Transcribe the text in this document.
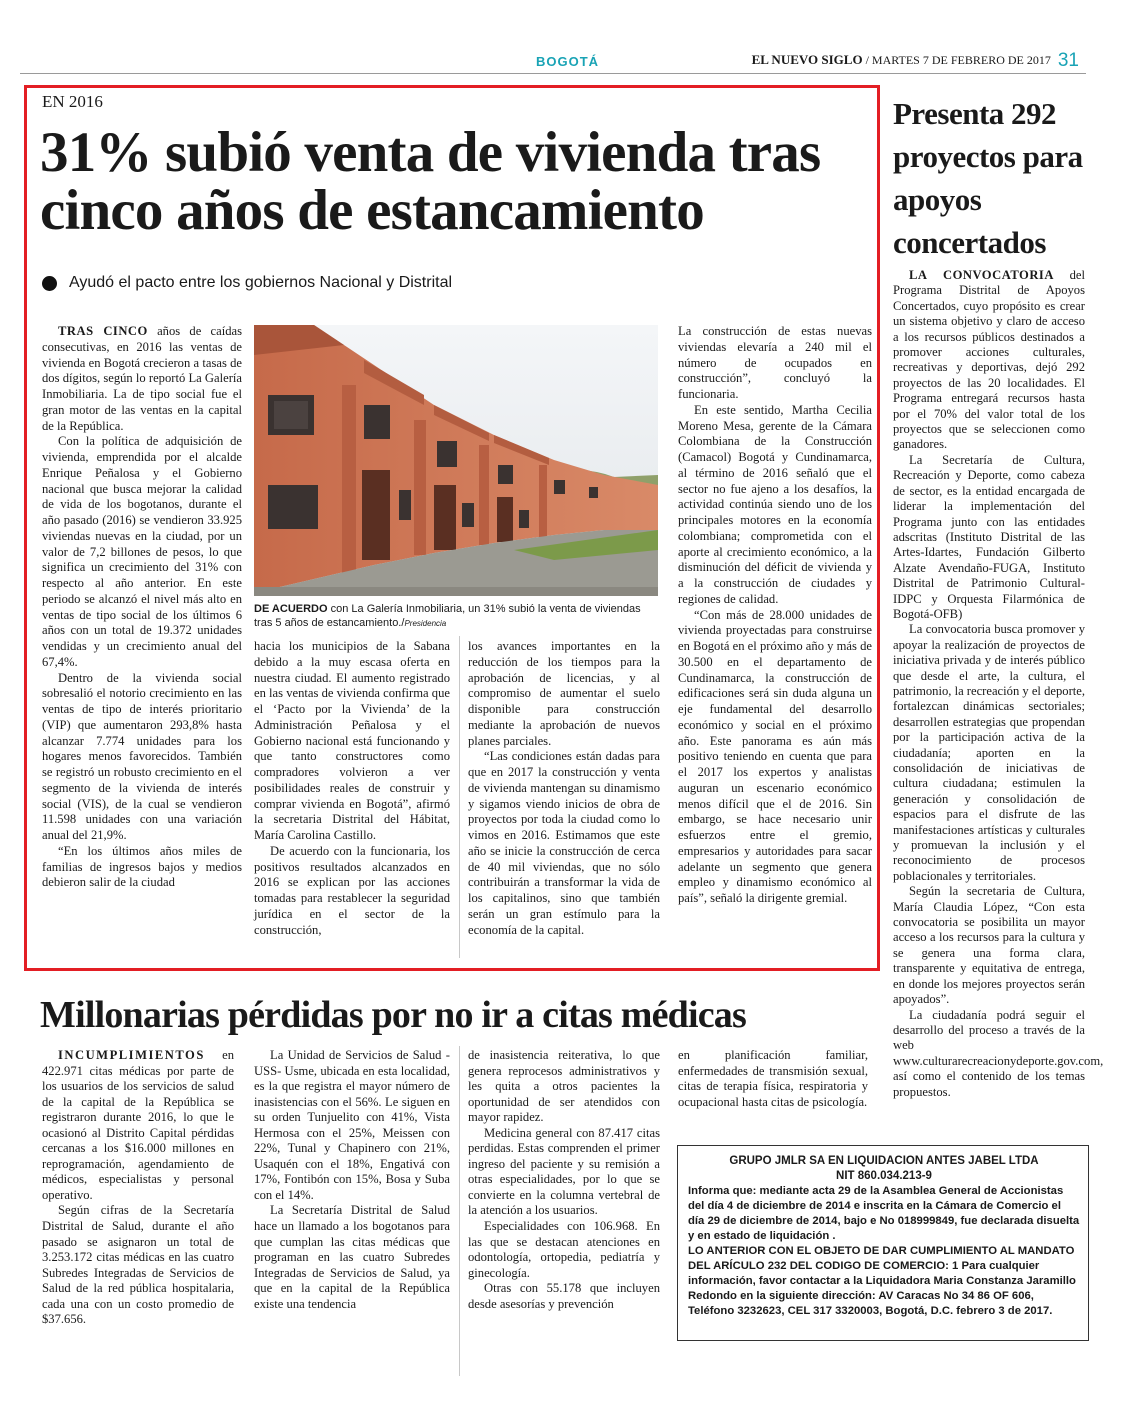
BOGOTÁ	EL NUEVO SIGLO / MARTES 7 DE FEBRERO DE 2017 31
EN 2016
31% subió venta de vivienda tras
cinco años de estancamiento
Ayudó el pacto entre los gobiernos Nacional y Distrital

TRAS CINCO años de caídas consecutivas, en 2016 las ventas de vivienda en Bogotá crecieron a tasas de dos dígitos, según lo reportó La Galería Inmobiliaria. La de tipo social fue el gran motor de las ventas en la capital de la República.

Con la política de adquisición de vivienda, emprendida por el alcalde Enrique Peñalosa y el Gobierno nacional que busca mejorar la calidad de vida de los bogotanos, durante el año pasado (2016) se vendieron 33.925 viviendas nuevas en la ciudad, por un valor de 7,2 billones de pesos, lo que significa un crecimiento del 31% con respecto al año anterior. En este periodo se alcanzó el nivel más alto en ventas de tipo social de los últimos 6 años con un total de 19.372 unidades vendidas y un crecimiento anual del 67,4%.

Dentro de la vivienda social sobresalió el notorio crecimiento en las ventas de tipo de interés prioritario (VIP) que aumentaron 293,8% hasta alcanzar 7.774 unidades para los hogares menos favorecidos. También se registró un robusto crecimiento en el segmento de la vivienda de interés social (VIS), de la cual se vendieron 11.598 unidades con una variación anual del 21,9%.

“En los últimos años miles de familias de ingresos bajos y medios debieron salir de la ciudad

DE ACUERDO con La Galería Inmobiliaria, un 31% subió la venta de viviendas tras 5 años de estancamiento./Presidencia

hacia los municipios de la Sabana debido a la muy escasa oferta en nuestra ciudad. El aumento registrado en las ventas de vivienda confirma que el ‘Pacto por la Vivienda’ de la Administración Peñalosa y el Gobierno nacional está funcionando y que tanto constructores como compradores volvieron a ver posibilidades reales de construir y comprar vivienda en Bogotá”, afirmó la secretaria Distrital del Hábitat, María Carolina Castillo.

De acuerdo con la funcionaria, los positivos resultados alcanzados en 2016 se explican por las acciones tomadas para restablecer la seguridad jurídica en el sector de la construcción,

los avances importantes en la reducción de los tiempos para la aprobación de licencias, y al compromiso de aumentar el suelo disponible para construcción mediante la aprobación de nuevos planes parciales.

“Las condiciones están dadas para que en 2017 la construcción y venta de vivienda mantengan su dinamismo y sigamos viendo inicios de obra de proyectos por toda la ciudad como lo vimos en 2016. Estimamos que este año se inicie la construcción de cerca de 40 mil viviendas, que no sólo contribuirán a transformar la vida de los capitalinos, sino que también serán un gran estímulo para la economía de la capital.

La construcción de estas nuevas viviendas elevaría a 240 mil el número de ocupados en construcción”, concluyó la funcionaria.

En este sentido, Martha Cecilia Moreno Mesa, gerente de la Cámara Colombiana de la Construcción (Camacol) Bogotá y Cundinamarca, al término de 2016 señaló que el sector no fue ajeno a los desafíos, la actividad continúa siendo uno de los principales motores en la economía colombiana; comprometida con el aporte al crecimiento económico, a la disminución del déficit de vivienda y a la construcción de ciudades y regiones de calidad.

“Con más de 28.000 unidades de vivienda proyectadas para construirse en Bogotá en el próximo año y más de 30.500 en el departamento de Cundinamarca, la construcción de edificaciones será sin duda alguna un eje fundamental del desarrollo económico y social en el próximo año. Este panorama es aún más positivo teniendo en cuenta que para el 2017 los expertos y analistas auguran un escenario económico menos difícil que el de 2016. Sin embargo, se hace necesario unir esfuerzos entre el gremio, empresarios y autoridades para sacar adelante un segmento que genera empleo y dinamismo económico al país”, señaló la dirigente gremial.

Presenta 292 proyectos para apoyos concertados

LA CONVOCATORIA del Programa Distrital de Apoyos Concertados, cuyo propósito es crear un sistema objetivo y claro de acceso a los recursos públicos destinados a promover acciones culturales, recreativas y deportivas, dejó 292 proyectos de las 20 localidades. El Programa entregará recursos hasta por el 70% del valor total de los proyectos que se seleccionen como ganadores.

La Secretaría de Cultura, Recreación y Deporte, como cabeza de sector, es la entidad encargada de liderar la implementación del Programa junto con las entidades adscritas (Instituto Distrital de las Artes-Idartes, Fundación Gilberto Alzate Avendaño-FUGA, Instituto Distrital de Patrimonio Cultural-IDPC y Orquesta Filarmónica de Bogotá-OFB)

La convocatoria busca promover y apoyar la realización de proyectos de iniciativa privada y de interés público que desde el arte, la cultura, el patrimonio, la recreación y el deporte, fortalezcan dinámicas sectoriales; desarrollen estrategias que propendan por la participación activa de la ciudadanía; aporten en la consolidación de iniciativas de cultura ciudadana; estimulen la generación y consolidación de espacios para el disfrute de las manifestaciones artísticas y culturales y promuevan la inclusión y el reconocimiento de procesos poblacionales y territoriales.

Según la secretaria de Cultura, María Claudia López, “Con esta convocatoria se posibilita un mayor acceso a los recursos para la cultura y se genera una forma clara, transparente y equitativa de entrega, en donde los mejores proyectos serán apoyados”.

La ciudadanía podrá seguir el desarrollo del proceso a través de la web www.culturarecreacionydeporte.gov.com, así como el contenido de los temas propuestos.

Millonarias pérdidas por no ir a citas médicas

INCUMPLIMIENTOS en 422.971 citas médicas por parte de los usuarios de los servicios de salud de la capital de la República se registraron durante 2016, lo que le ocasionó al Distrito Capital pérdidas cercanas a los $16.000 millones en reprogramación, agendamiento de médicos, especialistas y personal operativo.

Según cifras de la Secretaría Distrital de Salud, durante el año pasado se asignaron un total de 3.253.172 citas médicas en las cuatro Subredes Integradas de Servicios de Salud de la red pública hospitalaria, cada una con un costo promedio de $37.656.

La Unidad de Servicios de Salud -USS- Usme, ubicada en esta localidad, es la que registra el mayor número de inasistencias con el 56%. Le siguen en su orden Tunjuelito con 41%, Vista Hermosa con el 25%, Meissen con 22%, Tunal y Chapinero con 21%, Usaquén con el 18%, Engativá con 17%, Fontibón con 15%, Bosa y Suba con el 14%.

La Secretaría Distrital de Salud hace un llamado a los bogotanos para que cumplan las citas médicas que programan en las cuatro Subredes Integradas de Servicios de Salud, ya que en la capital de la República existe una tendencia

de inasistencia reiterativa, lo que genera reprocesos administrativos y les quita a otros pacientes la oportunidad de ser atendidos con mayor rapidez.

Medicina general con 87.417 citas perdidas. Estas comprenden el primer ingreso del paciente y su remisión a otras especialidades, por lo que se convierte en la columna vertebral de la atención a los usuarios.

Especialidades con 106.968. En las que se destacan atenciones en odontología, ortopedia, pediatría y ginecología.

Otras con 55.178 que incluyen desde asesorías y prevención

en planificación familiar, enfermedades de transmisión sexual, citas de terapia física, respiratoria y ocupacional hasta citas de psicología.

GRUPO JMLR SA EN LIQUIDACION ANTES JABEL LTDA
NIT 860.034.213-9
Informa que: mediante acta 29 de la Asamblea General de Accionistas del día 4 de diciembre de 2014 e inscrita en la Cámara de Comercio el día 29 de diciembre de 2014, bajo e No 018999849, fue declarada disuelta y en estado de liquidación .
LO ANTERIOR CON EL OBJETO DE DAR CUMPLIMIENTO AL MANDATO DEL ARÍCULO 232 DEL CODIGO DE COMERCIO: 1 Para cualquier información, favor contactar a la Liquidadora Maria Constanza Jaramillo Redondo en la siguiente dirección: AV Caracas No 34 86 OF 606, Teléfono 3232623, CEL 317 3320003, Bogotá, D.C. febrero 3 de 2017.
